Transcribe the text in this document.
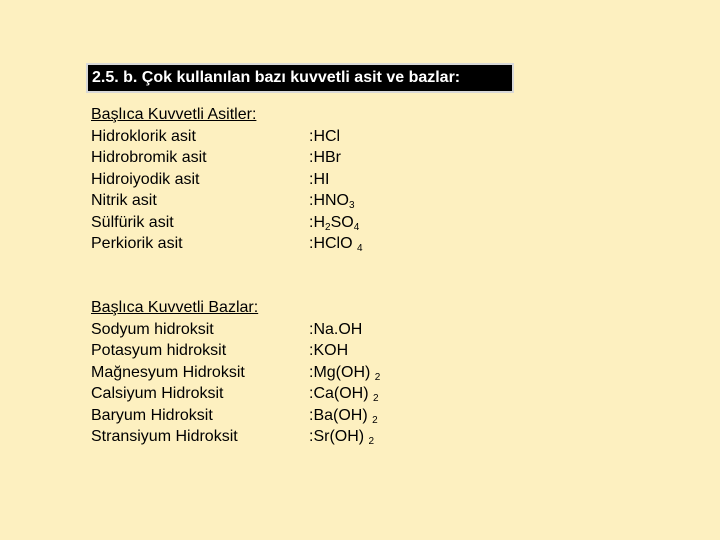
2.5. b. Çok kullanılan bazı kuvvetli asit ve bazlar:
Başlıca Kuvvetli Asitler:
Hidroklorik asit	:HCl
Hidrobromik asit	:HBr
Hidroiyodik asit	:HI
Nitrik asit	$:HNO_3$
Sülfürik asit	$:H_2SO_4$
Perkiorik asit	:HClO $_4$
Başlıca Kuvvetli Bazlar:
Sodyum hidroksit	:Na.OH
Potasyum hidroksit	:KOH
Mağnesyum Hidroksit	:Mg(OH) $_2$
Calsiyum Hidroksit	:Ca(OH) $_2$
Baryum Hidroksit	:Ba(OH) $_2$
Stransiyum Hidroksit	:Sr(OH) $_2$
